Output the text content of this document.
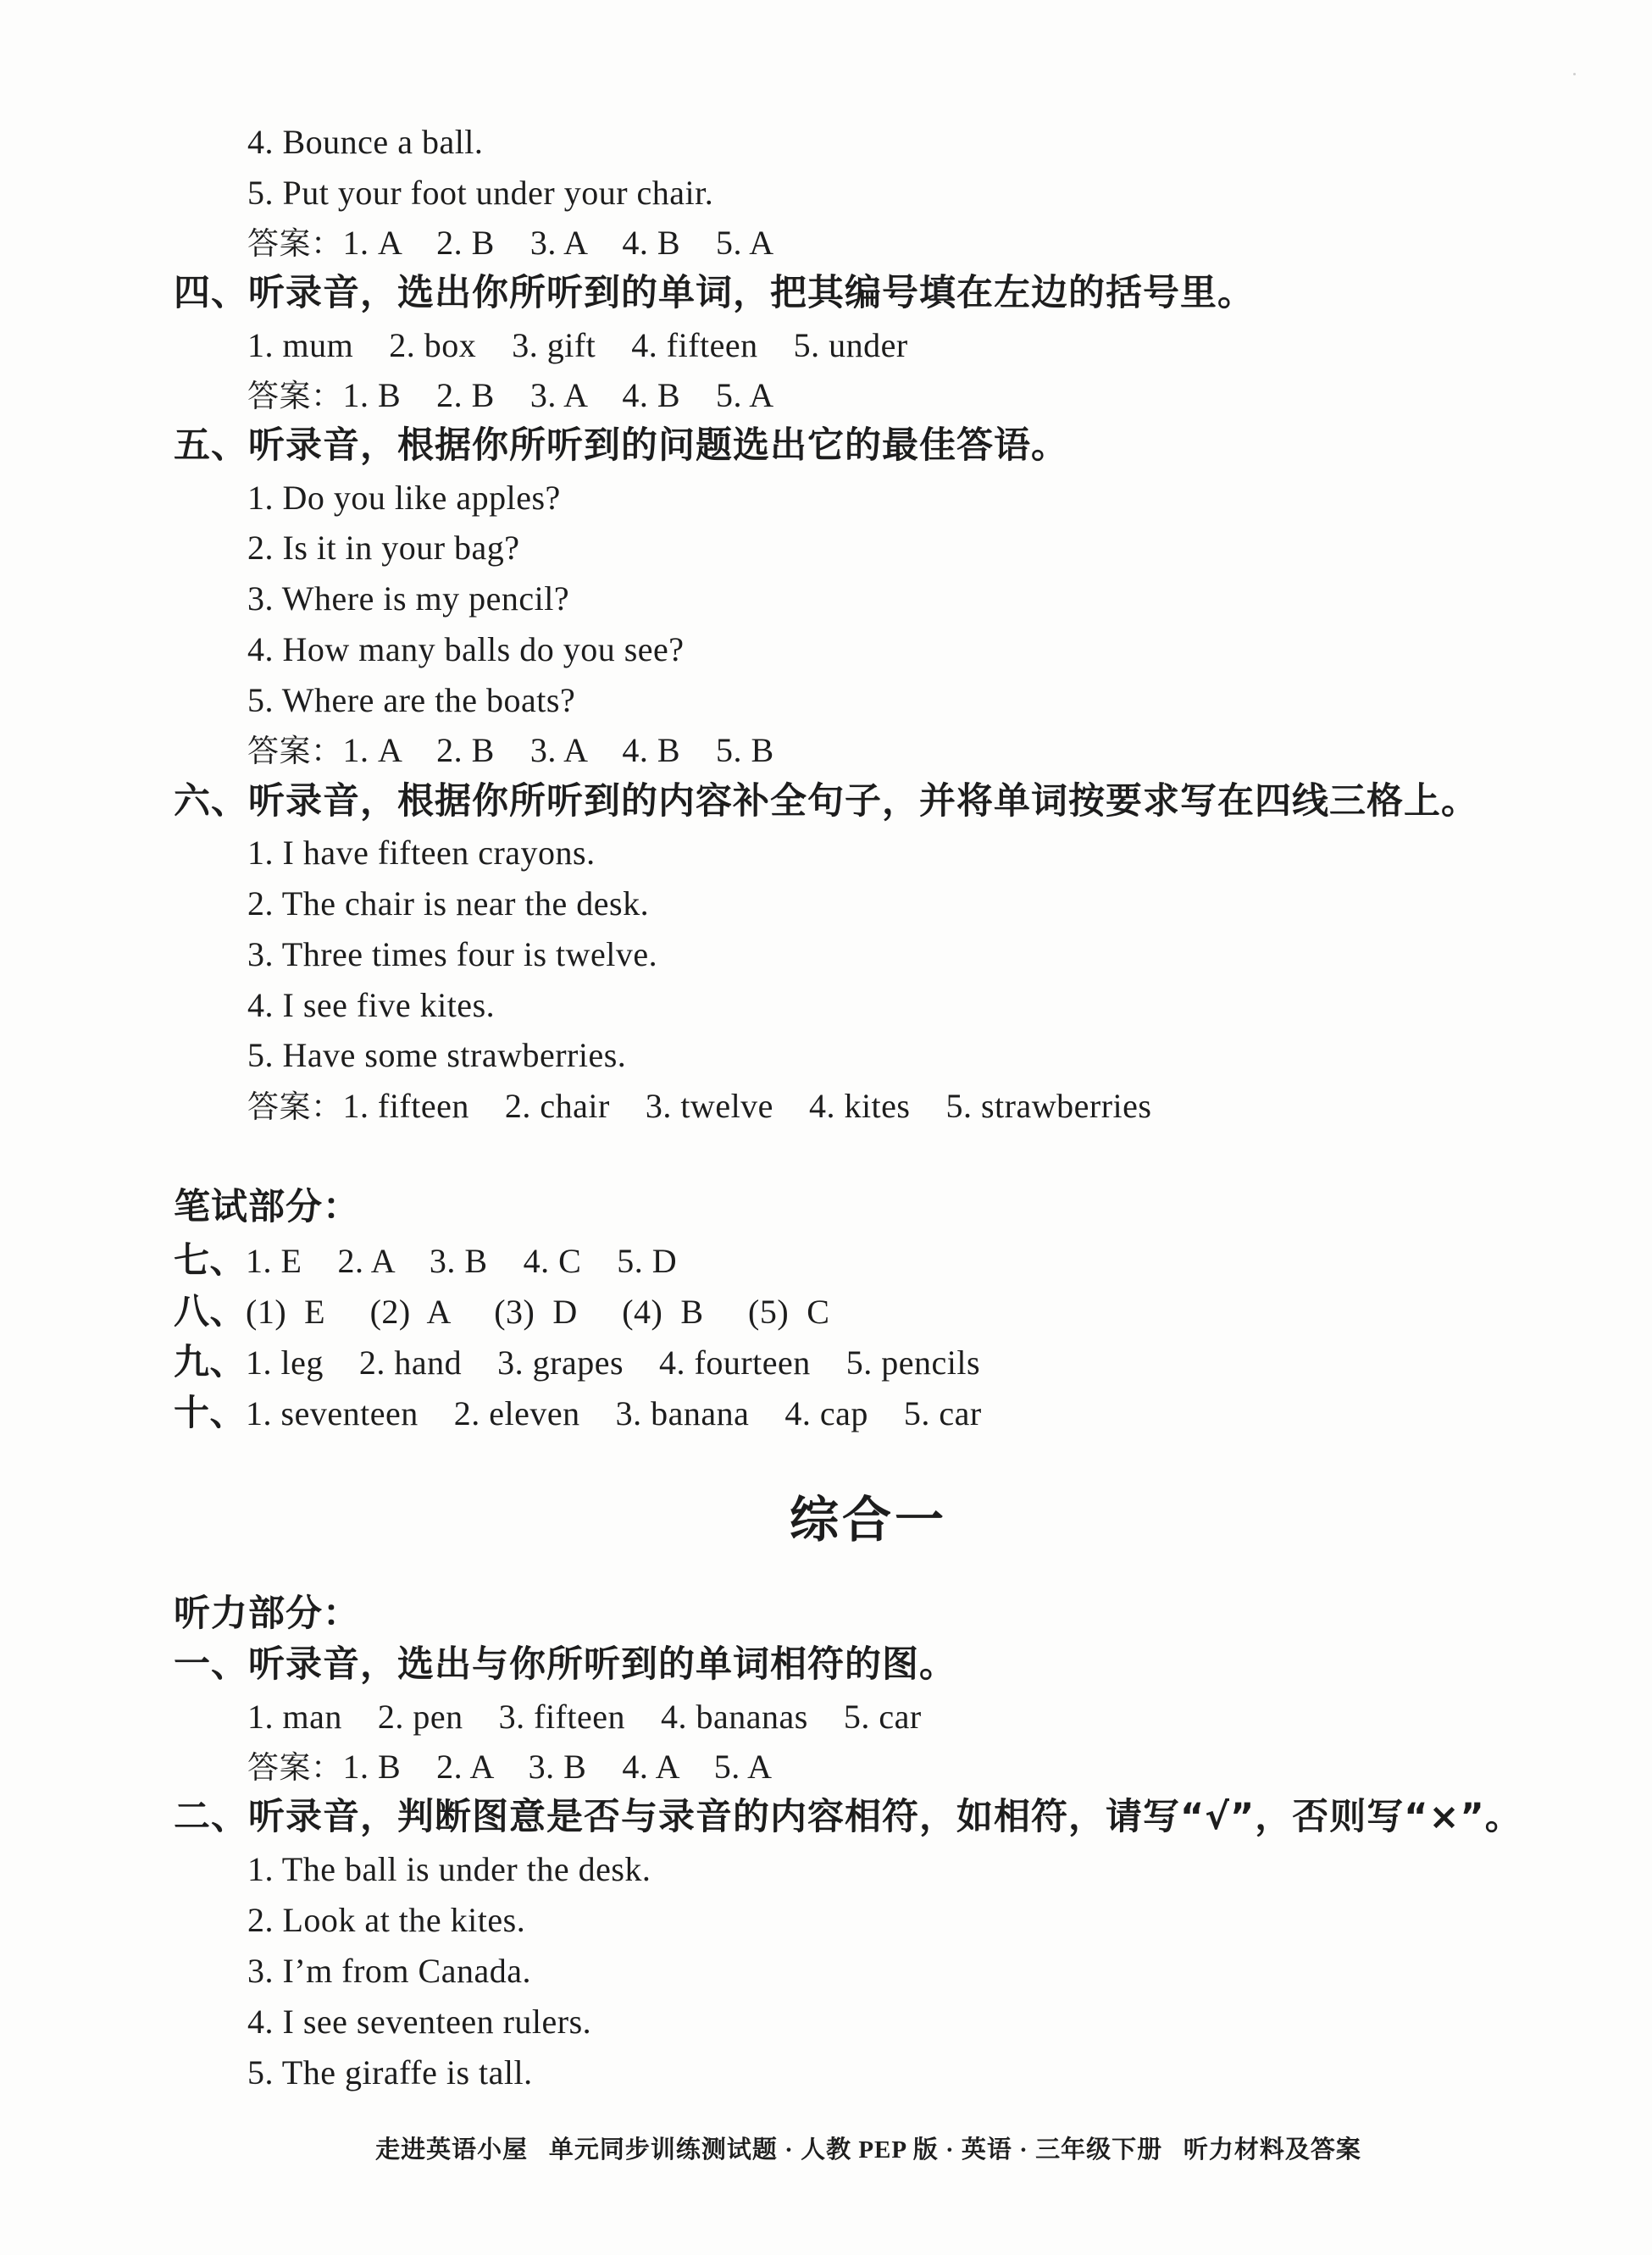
4. Bounce a ball.
5. Put your foot under your chair.
答案：1. A    2. B    3. A    4. B    5. A
四、听录音，选出你所听到的单词，把其编号填在左边的括号里。
1. mum    2. box    3. gift    4. fifteen    5. under
答案：1. B    2. B    3. A    4. B    5. A
五、听录音，根据你所听到的问题选出它的最佳答语。
1. Do you like apples?
2. Is it in your bag?
3. Where is my pencil?
4. How many balls do you see?
5. Where are the boats?
答案：1. A    2. B    3. A    4. B    5. B
六、听录音，根据你所听到的内容补全句子，并将单词按要求写在四线三格上。
1. I have fifteen crayons.
2. The chair is near the desk.
3. Three times four is twelve.
4. I see five kites.
5. Have some strawberries.
答案：1. fifteen    2. chair    3. twelve    4. kites    5. strawberries
笔试部分：
七、1. E    2. A    3. B    4. C    5. D
八、(1)  E     (2)  A     (3)  D     (4)  B     (5)  C
九、1. leg    2. hand    3. grapes    4. fourteen    5. pencils
十、1. seventeen    2. eleven    3. banana    4. cap    5. car
综合一
听力部分：
一、听录音，选出与你所听到的单词相符的图。
1. man    2. pen    3. fifteen    4. bananas    5. car
答案：1. B    2. A    3. B    4. A    5. A
二、听录音，判断图意是否与录音的内容相符，如相符，请写“√”，否则写“×”。
1. The ball is under the desk.
2. Look at the kites.
3. I’m from Canada.
4. I see seventeen rulers.
5. The giraffe is tall.
走进英语小屋   单元同步训练测试题 · 人教 PEP 版 · 英语 · 三年级下册   听力材料及答案
